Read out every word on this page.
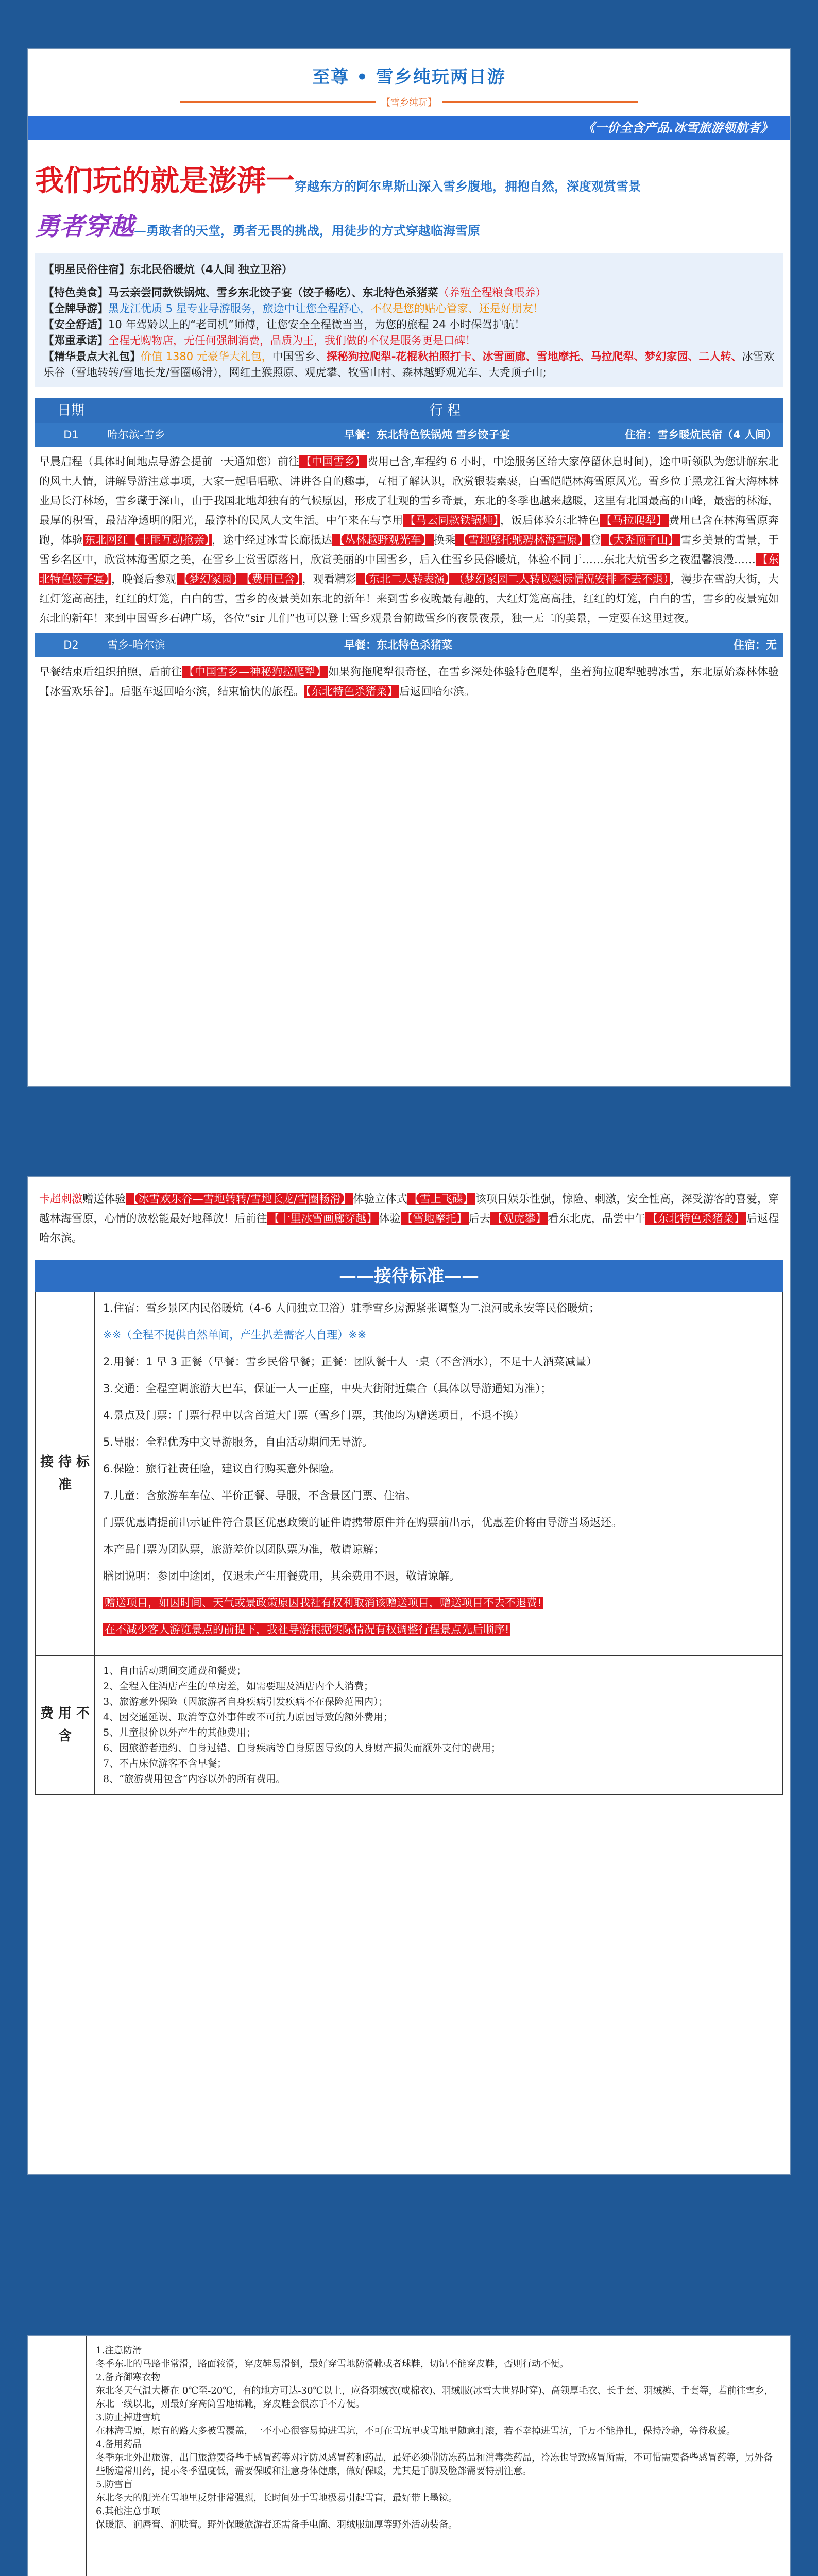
至尊 • 雪乡纯玩两日游
【雪乡纯玩】
《一价全含产品.冰雪旅游领航者》
我们玩的就是澎湃一穿越东方的阿尔卑斯山深入雪乡腹地，拥抱自然，深度观赏雪景
勇者穿越—勇敢者的天堂，勇者无畏的挑战，用徒步的方式穿越临海雪原

【明星民俗住宿】东北民俗暖炕（4人间 独立卫浴）

【特色美食】马云亲尝同款铁锅炖、雪乡东北饺子宴（饺子畅吃）、东北特色杀猪菜（养殖全程粮食喂养）

【全牌导游】黑龙江优质 5 星专业导游服务，旅途中让您全程舒心，不仅是您的贴心管家、还是好朋友！

【安全舒适】10 年驾龄以上的“老司机”师傅，让您安全全程微当当，为您的旅程 24 小时保驾护航！

【郑重承诺】全程无购物店，无任何强制消费，品质为王，我们做的不仅是服务更是口碑！

【精华景点大礼包】价值 1380 元豪华大礼包，中国雪乡、探秘狗拉爬犁-花棍秋拍照打卡、冰雪画廊、雪地摩托、马拉爬犁、梦幻家园、二人转、冰雪欢乐谷（雪地转转/雪地长龙/雪圈畅滑），网红土猴照原、观虎攀、牧雪山村、森林越野观光车、大秃顶子山;

日期	行 程
D1	哈尔滨-雪乡	早餐：东北特色铁锅炖 雪乡饺子宴	住宿：雪乡暖炕民宿（4 人间）
早晨启程（具体时间地点导游会提前一天通知您）前往 【中国雪乡】 费用已含,车程约 6 小时，中途服务区给大家停留休息时间)，途中听领队为您讲解东北的风土人情，讲解导游注意事项，大家一起唱唱歌、讲讲各自的趣事，互相了解认识，欣赏银装素裹，白雪皑皑林海雪原风光。雪乡位于黑龙江省大海林林业局长汀林场，雪乡藏于深山，由于我国北地却独有的气候原因，形成了壮观的雪乡奇景，东北的冬季也越来越暖，这里有北国最高的山峰，最密的林海，最厚的积雪，最洁净透明的阳光，最淳朴的民风人文生活。中午来在与享用 【马云同款铁锅炖】 ，饭后体验东北特色 【马拉爬犁】 费用已含在林海雪原奔跑，体验 东北网红【土匪互动抢亲】 ，途中经过冰雪长廊抵达 【丛林越野观光车】 换乘 【雪地摩托驰骋林海雪原】 登 【大秃顶子山】 雪乡美景的雪景，于雪乡名区中，欣赏林海雪原之美，在雪乡上赏雪原落日，欣赏美丽的中国雪乡，后入住雪乡民俗暖炕，体验不同于……东北大炕雪乡之夜温馨浪漫…… 【东北特色饺子宴】 ，晚餐后参观 【梦幻家园】 【费用已含】 ，观看精彩 【东北二人转表演】 （梦幻家园二人转以实际情况安排 不去不退） ，漫步在雪韵大街，大红灯笼高高挂，红红的灯笼，白白的雪，雪乡的夜景美如东北的新年！来到雪乡夜晚最有趣的，大红灯笼高高挂，红红的灯笼，白白的雪，雪乡的夜景宛如东北的新年！来到中国雪乡石碑广场，各位“sir 儿们”也可以登上雪乡观景台俯瞰雪乡的夜景夜景，独一无二的美景，一定要在这里过夜。
D2	雪乡-哈尔滨	早餐：东北特色杀猪菜	住宿：无
早餐结束后组织拍照，后前往 【中国雪乡—神秘狗拉爬犁】 如果狗拖爬犁很奇怪，在雪乡深处体验特色爬犁，坐着狗拉爬犁驰骋冰雪，东北原始森林体验【冰雪欢乐谷】。后驱车返回哈尔滨，结束愉快的旅程。 【东北特色杀猪菜】 后返回哈尔滨。
卡超刺激赠送体验 【冰雪欢乐谷—雪地转转/雪地长龙/雪圈畅滑】 体验立体式 【雪上飞碟】 该项目娱乐性强，惊险、刺激，安全性高，深受游客的喜爱，穿越林海雪原，心情的放松能最好地释放！后前往 【十里冰雪画廊穿越】 体验 【雪地摩托】 后去 【观虎攀】 看东北虎，品尝中午 【东北特色杀猪菜】 后返程哈尔滨。
——接待标准——
接 待 标 准

1.住宿：雪乡景区内民俗暖炕（4-6 人间独立卫浴）驻季雪乡房源紧张调整为二浪河或永安等民俗暖炕；

※※（全程不提供自然单间，产生扒差需客人自理）※※

2.用餐：1 早 3 正餐（早餐：雪乡民俗早餐；正餐：团队餐十人一桌（不含酒水），不足十人酒菜减量）

3.交通：全程空调旅游大巴车，保证一人一正座，中央大街附近集合（具体以导游通知为准）；

4.景点及门票：门票行程中以含首道大门票（雪乡门票，其他均为赠送项目，不退不换）

5.导服：全程优秀中文导游服务，自由活动期间无导游。

6.保险：旅行社责任险，建议自行购买意外保险。

7.儿童：含旅游车车位、半价正餐、导服，不含景区门票、住宿。

门票优惠请提前出示证件符合景区优惠政策的证件请携带原件并在购票前出示，优惠差价将由导游当场返还。

本产品门票为团队票，旅游差价以团队票为准，敬请谅解；

膳团说明：参团中途团，仅退未产生用餐费用，其余费用不退，敬请谅解。

赠送项目，如因时间、天气或景政策原因我社有权利取消该赠送项目，赠送项目不去不退费!

在不减少客人游览景点的前提下，我社导游根据实际情况有权调整行程景点先后顺序!

费 用 不 含

1、自由活动期间交通费和餐费；

2、全程入住酒店产生的单房差，如需要理及酒店内个人消费；

3、旅游意外保险（因旅游者自身疾病引发疾病不在保险范围内）；

4、因交通延误、取消等意外事件或不可抗力原因导致的额外费用；

5、儿童报价以外产生的其他费用；

6、因旅游者违约、自身过错、自身疾病等自身原因导致的人身财产损失而额外支付的费用；

7、不占床位游客不含早餐；

8、“旅游费用包含”内容以外的所有费用。

1.注意防滑

冬季东北的马路非常滑，路面较滑，穿皮鞋易滑倒，最好穿雪地防滑靴或者球鞋，切记不能穿皮鞋，否则行动不便。

2.备齐御寒衣物

东北冬天气温大概在 0℃至-20℃，有的地方可达-30℃以上，应备羽绒衣(或棉衣)、羽绒服(冰雪大世界时穿)、高领厚毛衣、长手套、羽绒裤、手套等，若前往雪乡，东北一线以北，则最好穿高筒雪地棉靴，穿皮鞋会很冻手不方便。

3.防止掉进雪坑

在林海雪原，原有的路大多被雪覆盖，一不小心很容易掉进雪坑，不可在雪坑里或雪地里随意打滚，若不幸掉进雪坑，千万不能挣扎，保持冷静，等待救援。

4.备用药品

冬季东北外出旅游，出门旅游要备些手感冒药等对疗防风感冒药和药品，最好必须带防冻药品和消毒类药品，冷冻也导致感冒所需，不可惜需要备些感冒药等，另外备些肠道常用药，提示冬季温度低，需要保暖和注意身体健康，做好保暖，尤其是手脚及脸部需要特别注意。

5.防雪盲

东北冬天的阳光在雪地里反射非常强烈，长时间处于雪地极易引起雪盲，最好带上墨镜。

6.其他注意事项

保暖瓶、润唇膏、润肤膏。野外保暖旅游者还需备手电筒、羽绒服加厚等野外活动装备。
